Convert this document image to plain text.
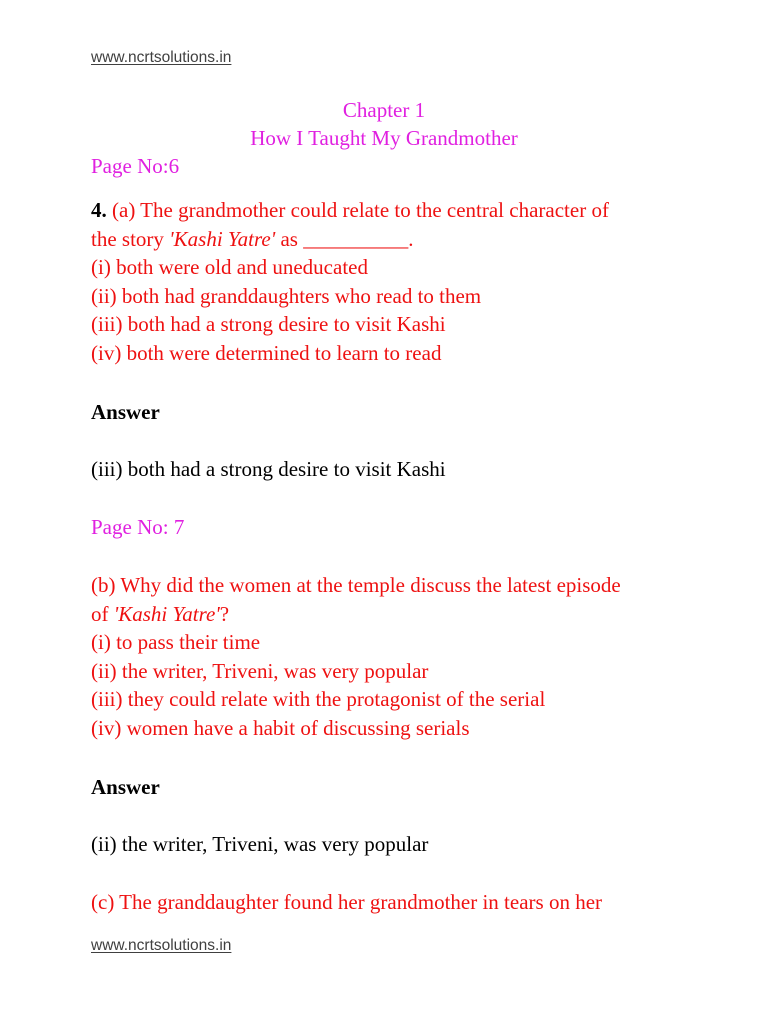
www.ncrtsolutions.in
Chapter 1
How I Taught My Grandmother
Page No:6
4. (a) The grandmother could relate to the central character of
the story 'Kashi Yatre' as __________.
(i) both were old and uneducated
(ii) both had granddaughters who read to them
(iii) both had a strong desire to visit Kashi
(iv) both were determined to learn to read
Answer
(iii) both had a strong desire to visit Kashi
Page No: 7
(b) Why did the women at the temple discuss the latest episode
of 'Kashi Yatre'?
(i) to pass their time
(ii) the writer, Triveni, was very popular
(iii) they could relate with the protagonist of the serial
(iv) women have a habit of discussing serials
Answer
(ii) the writer, Triveni, was very popular
(c) The granddaughter found her grandmother in tears on her
www.ncrtsolutions.in
